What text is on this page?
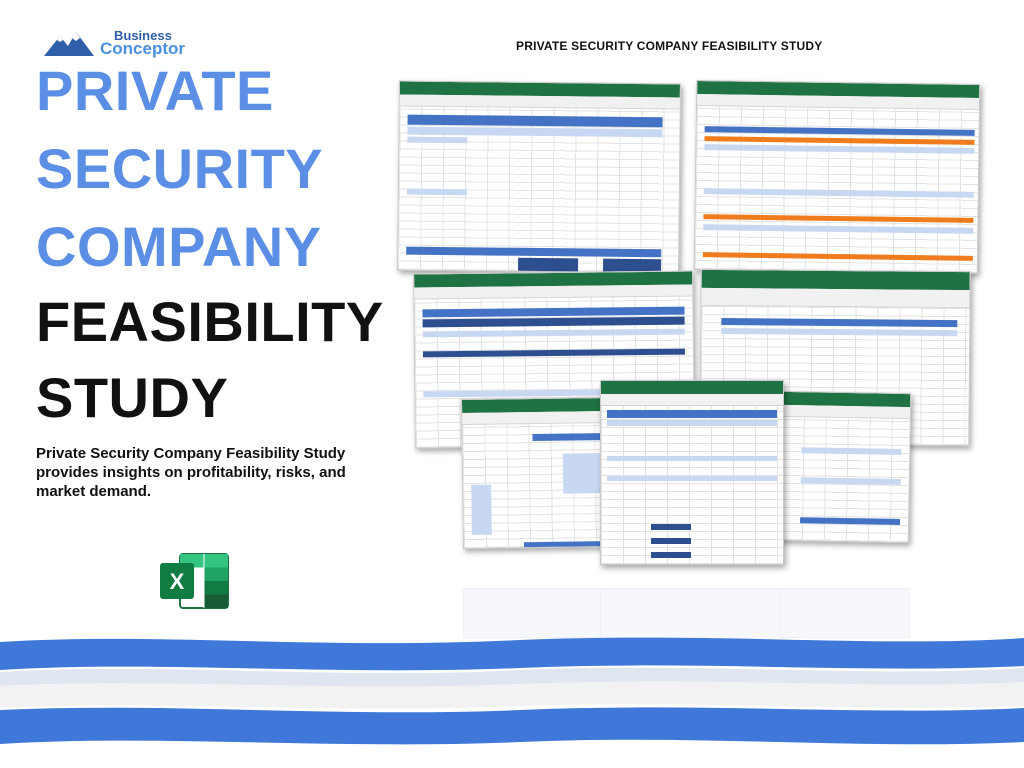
Business
Conceptor
PRIVATE
SECURITY
COMPANY
FEASIBILITY
STUDY

Private Security Company Feasibility Study provides insights on profitability, risks, and market demand.

X
PRIVATE SECURITY COMPANY FEASIBILITY STUDY
